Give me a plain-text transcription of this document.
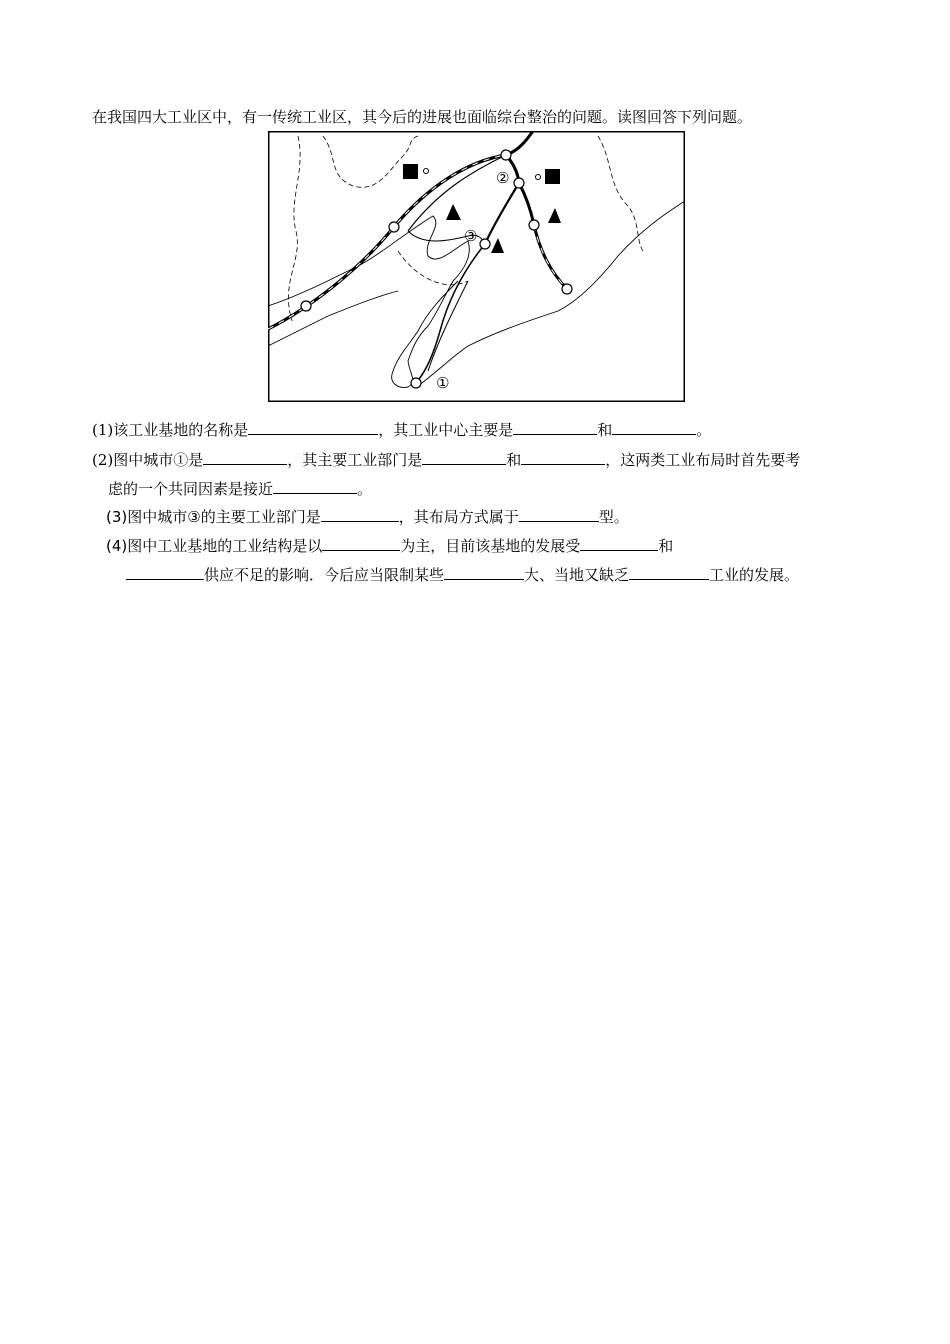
在我国四大工业区中，有一传统工业区，其今后的进展也面临综台整治的问题。读图回答下列问题。
②
③
①
(1)该工业基地的名称是	，其工业中心主要是	和	。
(2)图中城市①是	，其主要工业部门是	和	，这两类工业布局时首先要考
虑的一个共同因素是接近	。
(3)图中城市③的主要工业部门是	，其布局方式属于	型。
(4)图中工业基地的工业结构是以	为主，目前该基地的发展受	和
供应不足的影响．今后应当限制某些	大、当地又缺乏	工业的发展。
